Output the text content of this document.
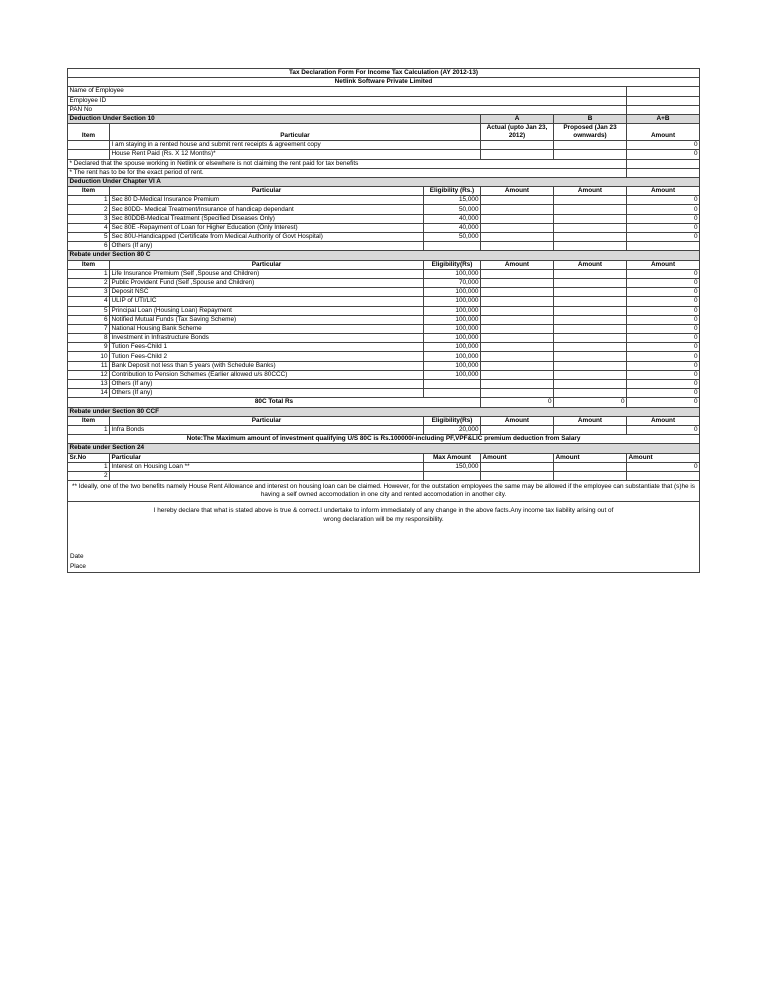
Tax Declaration Form For Income Tax Calculation (AY 2012-13)					
Netlink Software Private Limited					
Name of Employee					
Employee ID					
PAN No					
Deduction Under Section 10			A	B	A+B
Item	Particular		Actual (upto Jan 23, 2012)	Proposed (Jan 23 ownwards)	Amount
	I am staying in a rented house and submit rent receipts & agreement copy				0
	House Rent Paid (Rs. X 12 Months)*				0
* Declared that the spouse working in Netlink or elsewhere is not claiming the rent paid for tax benefits					
* The rent has to be for the exact period of rent.					
Deduction Under Chapter VI A					
Item	Particular	Eligibility (Rs.)	Amount	Amount	Amount
1	Sec 80 D-Medical Insurance Premium	15,000			0
2	Sec 80DD- Medical Treatment/Insurance of handicap dependant	50,000			0
3	Sec 80DDB-Medical Treatment (Specified Diseases Only)	40,000			0
4	Sec 80E -Repayment of Loan for Higher Education (Only Interest)	40,000			0
5	Sec 80U-Handicapped (Certificate from Medical Authority of Govt Hospital)	50,000			0
6	Others (If any)				
Rebate under Section 80 C					
Item	Particular	Eligibility(Rs)	Amount	Amount	Amount
1	Life Insurance Premium (Self ,Spouse and Children)	100,000			0
2	Public Provident Fund (Self ,Spouse and Children)	70,000			0
3	Deposit NSC	100,000			0
4	ULIP of UTI/LIC	100,000			0
5	Principal Loan (Housing Loan) Repayment	100,000			0
6	Notified Mutual Funds (Tax Saving Scheme)	100,000			0
7	National Housing Bank Scheme	100,000			0
8	Investment in Infrastructure Bonds	100,000			0
9	Tution Fees-Child 1	100,000			0
10	Tution Fees-Child 2	100,000			0
11	Bank Deposit not less than 5 years (with Schedule Banks)	100,000			0
12	Contribution to Pension Schemes (Earlier allowed u/s 80CCC)	100,000			0
13	Others (If any)				0
14	Others (If any)				0
80C Total Rs			0	0	0
Rebate under Section 80 CCF					
Item	Particular	Eligibility(Rs)	Amount	Amount	Amount
1	Infra Bonds	20,000			0
Note:The Maximum amount of investment qualifying U/S 80C is Rs.100000/-including PF,VPF&LIC premium deduction from Salary					
Rebate under Section 24					
Sr.No	Particular	Max Amount	Amount	Amount	Amount
1	Interest on Housing Loan **	150,000			0
2					
** Ideally, one of the two benefits namely House Rent Allowance and interest on housing loan can be claimed. However, for the outstation employees the same may be allowed if the employee can substantiate that (s)he is having a self owned accomodation in one city and rented accomodation in another city.					

I hereby declare that what is stated above is true & correct.I undertake to inform immediately of any change in the above facts.Any income tax liability arising out of wrong declaration will be my responsibility.
Date
Place					
